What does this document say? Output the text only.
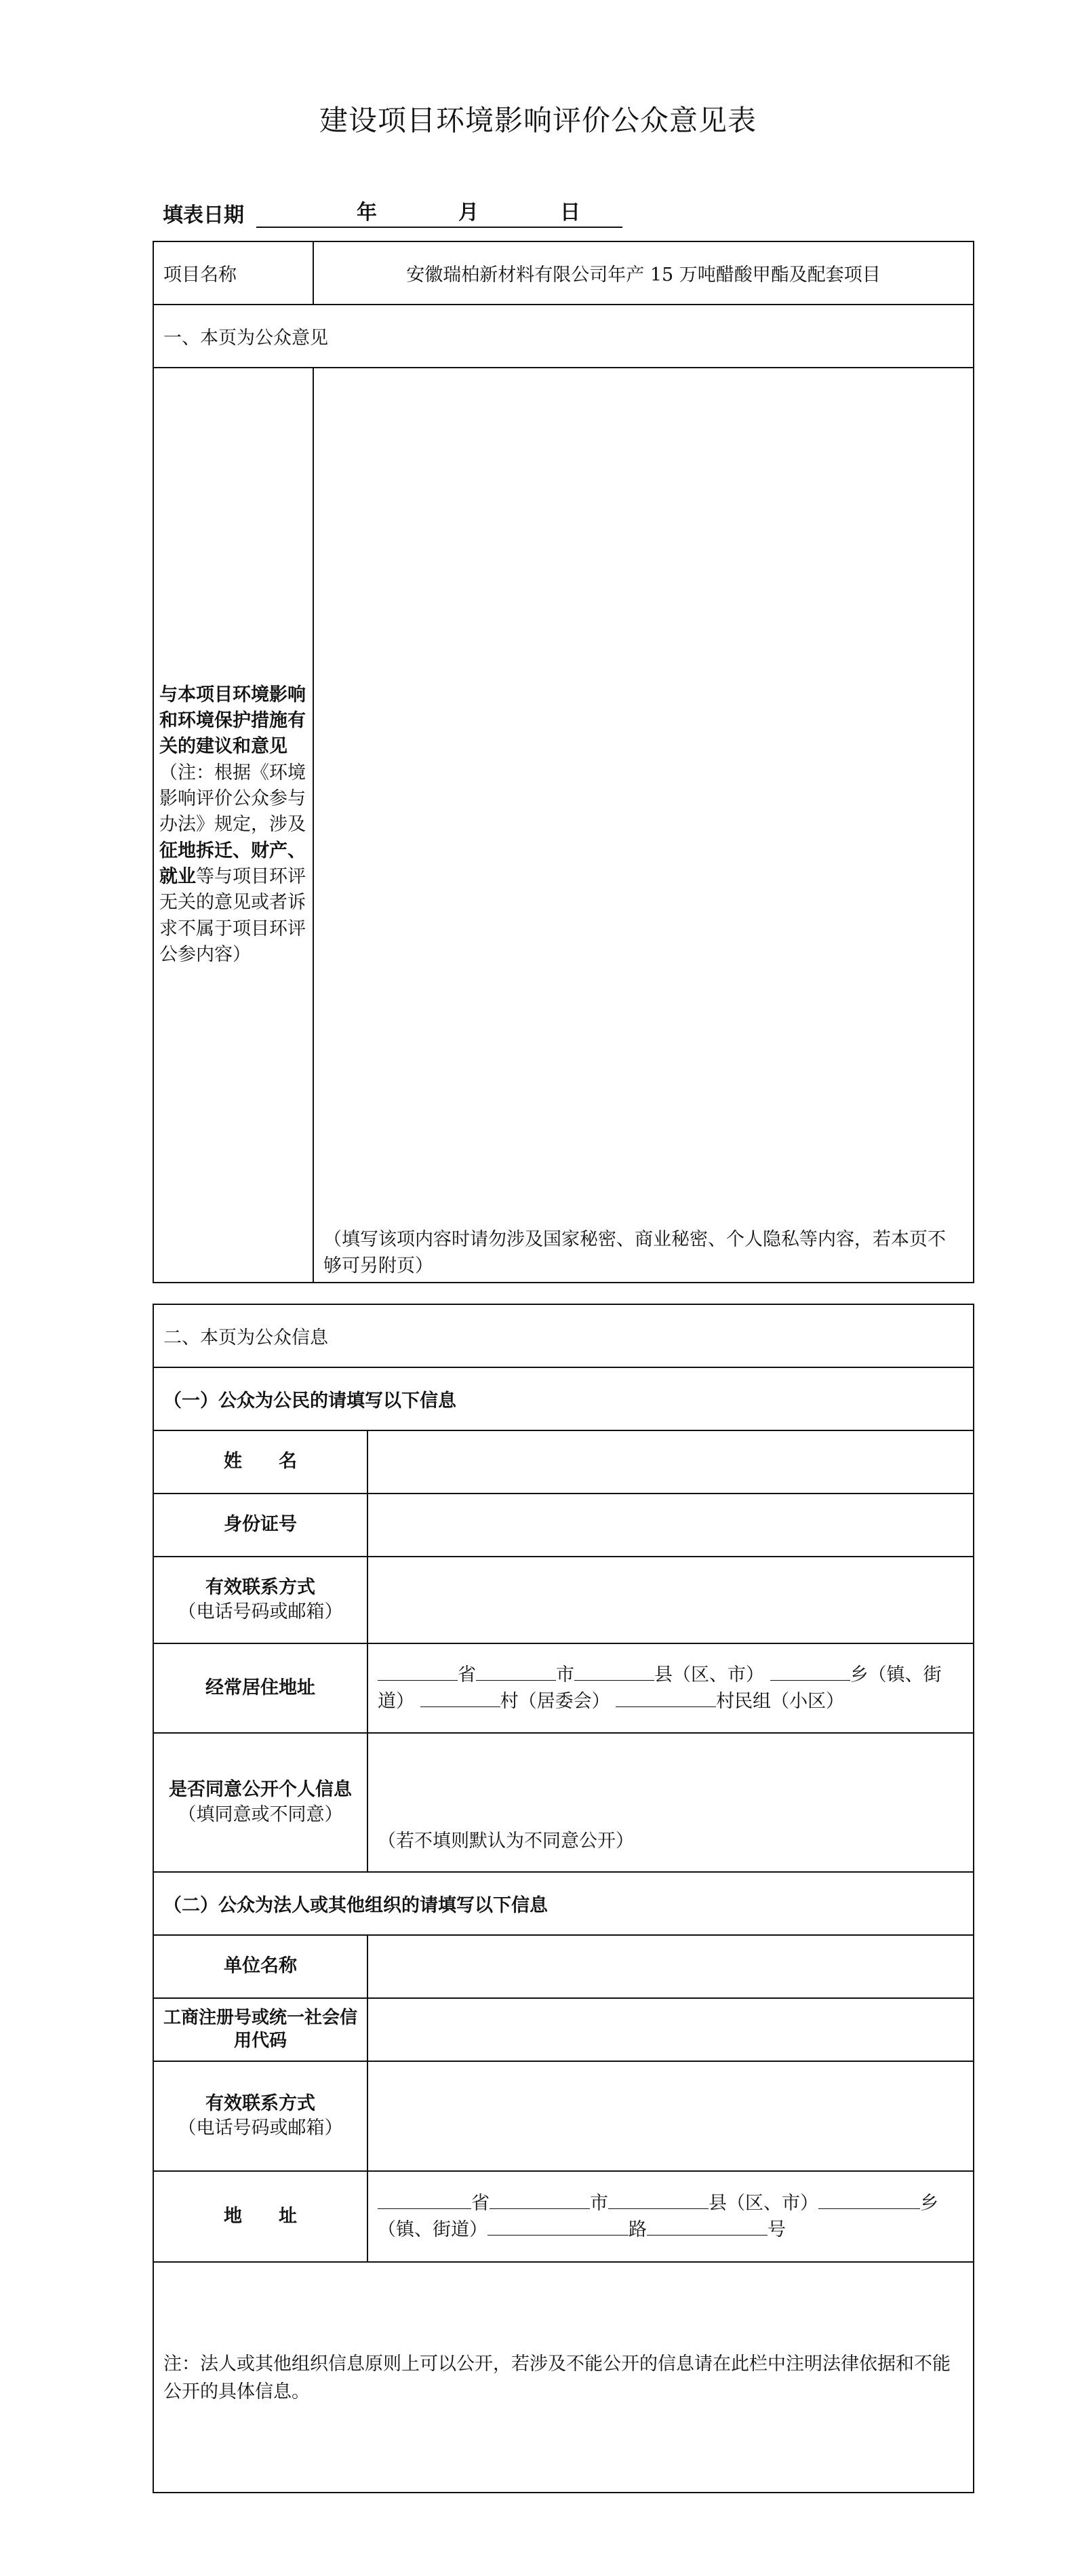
建设项目环境影响评价公众意见表
填表日期	年	月	日
项目名称	安徽瑞柏新材料有限公司年产 15 万吨醋酸甲酯及配套项目
一、本页为公众意见	
与本项目环境影响和环境保护措施有关的建议和意见（注：根据《环境影响评价公众参与办法》规定，涉及征地拆迁、财产、就业等与项目环评无关的意见或者诉求不属于项目环评公参内容）	（填写该项内容时请勿涉及国家秘密、商业秘密、个人隐私等内容，若本页不够可另附页）
二、本页为公众信息	
（一）公众为公民的请填写以下信息	
姓　　名	
身份证号	

有效联系方式
（电话号码或邮箱）	

经常居住地址	省 市 县（区、市） 乡（镇、街道） 村（居委会） 村民组（小区）

是否同意公开个人信息
（填同意或不同意）	（若不填则默认为不同意公开）

（二）公众为法人或其他组织的请填写以下信息	
单位名称	
工商注册号或统一社会信用代码	

有效联系方式
（电话号码或邮箱）	

地　　址	省 市 县（区、市） 乡（镇、街道） 路 号

注：法人或其他组织信息原则上可以公开，若涉及不能公开的信息请在此栏中注明法律依据和不能公开的具体信息。	
